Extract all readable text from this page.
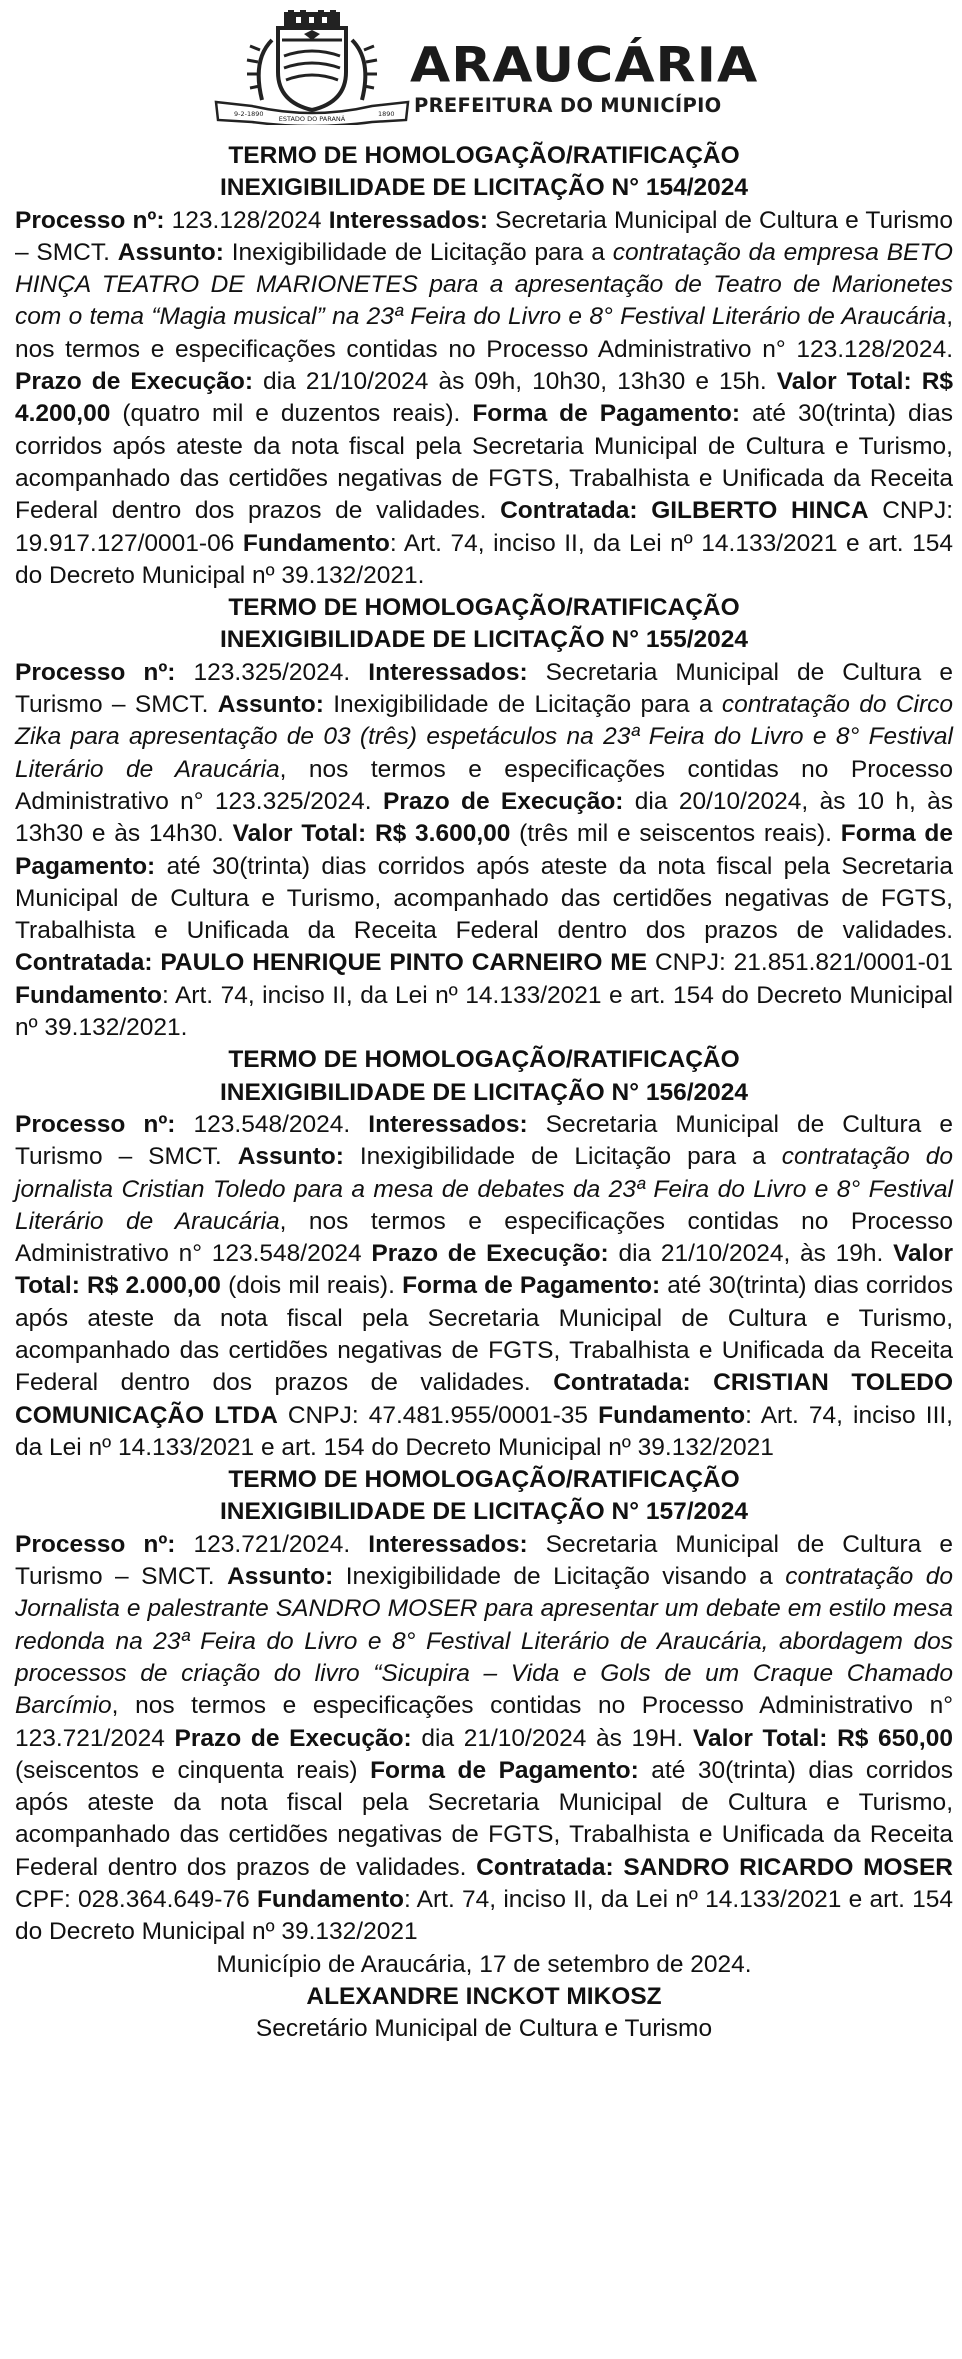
9-2-1890
ESTADO DO PARANÁ
1890
ARAUCÁRIA
PREFEITURA DO MUNICÍPIO
TERMO DE HOMOLOGAÇÃO/RATIFICAÇÃO
INEXIGIBILIDADE DE LICITAÇÃO N° 154/2024

Processo nº: 123.128/2024 Interessados: Secretaria Municipal de Cultura e Turismo – SMCT. Assunto: Inexigibilidade de Licitação para a contratação da empresa BETO HINÇA TEATRO DE MARIONETES para a apresentação de Teatro de Marionetes com o tema “Magia musical” na 23ª Feira do Livro e 8° Festival Literário de Araucária, nos termos e especificações contidas no Processo Administrativo n° 123.128/2024. Prazo de Execução: dia 21/10/2024 às 09h, 10h30, 13h30 e 15h. Valor Total: R$ 4.200,00 (quatro mil e duzentos reais). Forma de Pagamento: até 30(trinta) dias corridos após ateste da nota fiscal pela Secretaria Municipal de Cultura e Turismo, acompanhado das certidões negativas de FGTS, Trabalhista e Unificada da Receita Federal dentro dos prazos de validades. Contratada: GILBERTO HINCA CNPJ: 19.917.127/0001-06 Fundamento: Art. 74, inciso II, da Lei nº 14.133/2021 e art. 154 do Decreto Municipal nº 39.132/2021.

TERMO DE HOMOLOGAÇÃO/RATIFICAÇÃO
INEXIGIBILIDADE DE LICITAÇÃO N° 155/2024

Processo nº: 123.325/2024. Interessados: Secretaria Municipal de Cultura e Turismo – SMCT. Assunto: Inexigibilidade de Licitação para a contratação do Circo Zika para apresentação de 03 (três) espetáculos na 23ª Feira do Livro e 8° Festival Literário de Araucária, nos termos e especificações contidas no Processo Administrativo n° 123.325/2024. Prazo de Execução: dia 20/10/2024, às 10 h, às 13h30 e às 14h30. Valor Total: R$ 3.600,00 (três mil e seiscentos reais). Forma de Pagamento: até 30(trinta) dias corridos após ateste da nota fiscal pela Secretaria Municipal de Cultura e Turismo, acompanhado das certidões negativas de FGTS, Trabalhista e Unificada da Receita Federal dentro dos prazos de validades. Contratada: PAULO HENRIQUE PINTO CARNEIRO ME CNPJ: 21.851.821/0001-01 Fundamento: Art. 74, inciso II, da Lei nº 14.133/2021 e art. 154 do Decreto Municipal nº 39.132/2021.

TERMO DE HOMOLOGAÇÃO/RATIFICAÇÃO
INEXIGIBILIDADE DE LICITAÇÃO N° 156/2024

Processo nº: 123.548/2024. Interessados: Secretaria Municipal de Cultura e Turismo – SMCT. Assunto: Inexigibilidade de Licitação para a contratação do jornalista Cristian Toledo para a mesa de debates da 23ª Feira do Livro e 8° Festival Literário de Araucária, nos termos e especificações contidas no Processo Administrativo n° 123.548/2024 Prazo de Execução: dia 21/10/2024, às 19h. Valor Total: R$ 2.000,00 (dois mil reais). Forma de Pagamento: até 30(trinta) dias corridos após ateste da nota fiscal pela Secretaria Municipal de Cultura e Turismo, acompanhado das certidões negativas de FGTS, Trabalhista e Unificada da Receita Federal dentro dos prazos de validades. Contratada: CRISTIAN TOLEDO COMUNICAÇÃO LTDA CNPJ: 47.481.955/0001-35 Fundamento: Art. 74, inciso III, da Lei nº 14.133/2021 e art. 154 do Decreto Municipal nº 39.132/2021

TERMO DE HOMOLOGAÇÃO/RATIFICAÇÃO
INEXIGIBILIDADE DE LICITAÇÃO N° 157/2024

Processo nº: 123.721/2024. Interessados: Secretaria Municipal de Cultura e Turismo – SMCT. Assunto: Inexigibilidade de Licitação visando a contratação do Jornalista e palestrante SANDRO MOSER para apresentar um debate em estilo mesa redonda na 23ª Feira do Livro e 8° Festival Literário de Araucária, abordagem dos processos de criação do livro “Sicupira – Vida e Gols de um Craque Chamado Barcímio, nos termos e especificações contidas no Processo Administrativo n° 123.721/2024 Prazo de Execução: dia 21/10/2024 às 19H. Valor Total: R$ 650,00 (seiscentos e cinquenta reais) Forma de Pagamento: até 30(trinta) dias corridos após ateste da nota fiscal pela Secretaria Municipal de Cultura e Turismo, acompanhado das certidões negativas de FGTS, Trabalhista e Unificada da Receita Federal dentro dos prazos de validades. Contratada: SANDRO RICARDO MOSER CPF: 028.364.649-76 Fundamento: Art. 74, inciso II, da Lei nº 14.133/2021 e art. 154 do Decreto Municipal nº 39.132/2021

Município de Araucária, 17 de setembro de 2024.
ALEXANDRE INCKOT MIKOSZ
Secretário Municipal de Cultura e Turismo
